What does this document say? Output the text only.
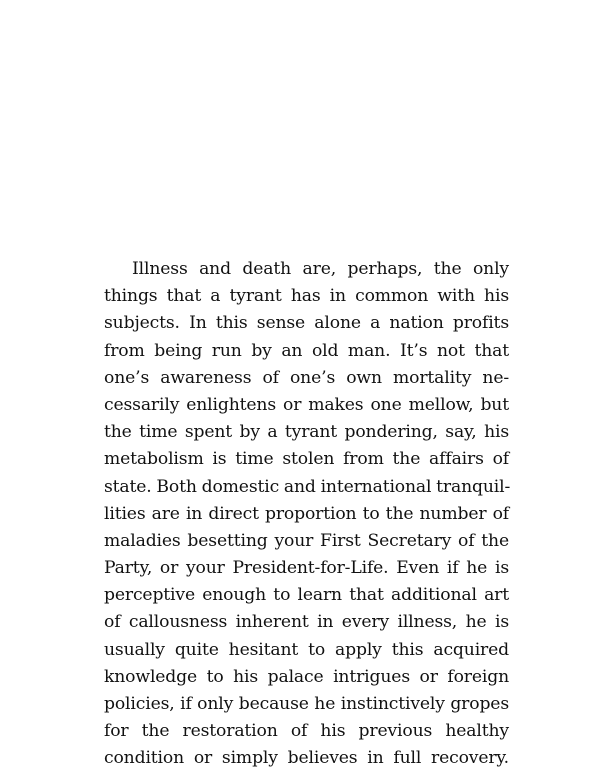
Illness and death are, perhaps, the only
things that a tyrant has in common with his
subjects. In this sense alone a nation profits
from being run by an old man. It’s not that
one’s awareness of one’s own mortality ne-
cessarily enlightens or makes one mellow, but
the time spent by a tyrant pondering, say, his
metabolism is time stolen from the affairs of
state. Both domestic and international tranquil-
lities are in direct proportion to the number of
maladies besetting your First Secretary of the
Party, or your President-for-Life. Even if he is
perceptive enough to learn that additional art
of callousness inherent in every illness, he is
usually quite hesitant to apply this acquired
knowledge to his palace intrigues or foreign
policies, if only because he instinctively gropes
for the restoration of his previous healthy
condition or simply believes in full recovery.
